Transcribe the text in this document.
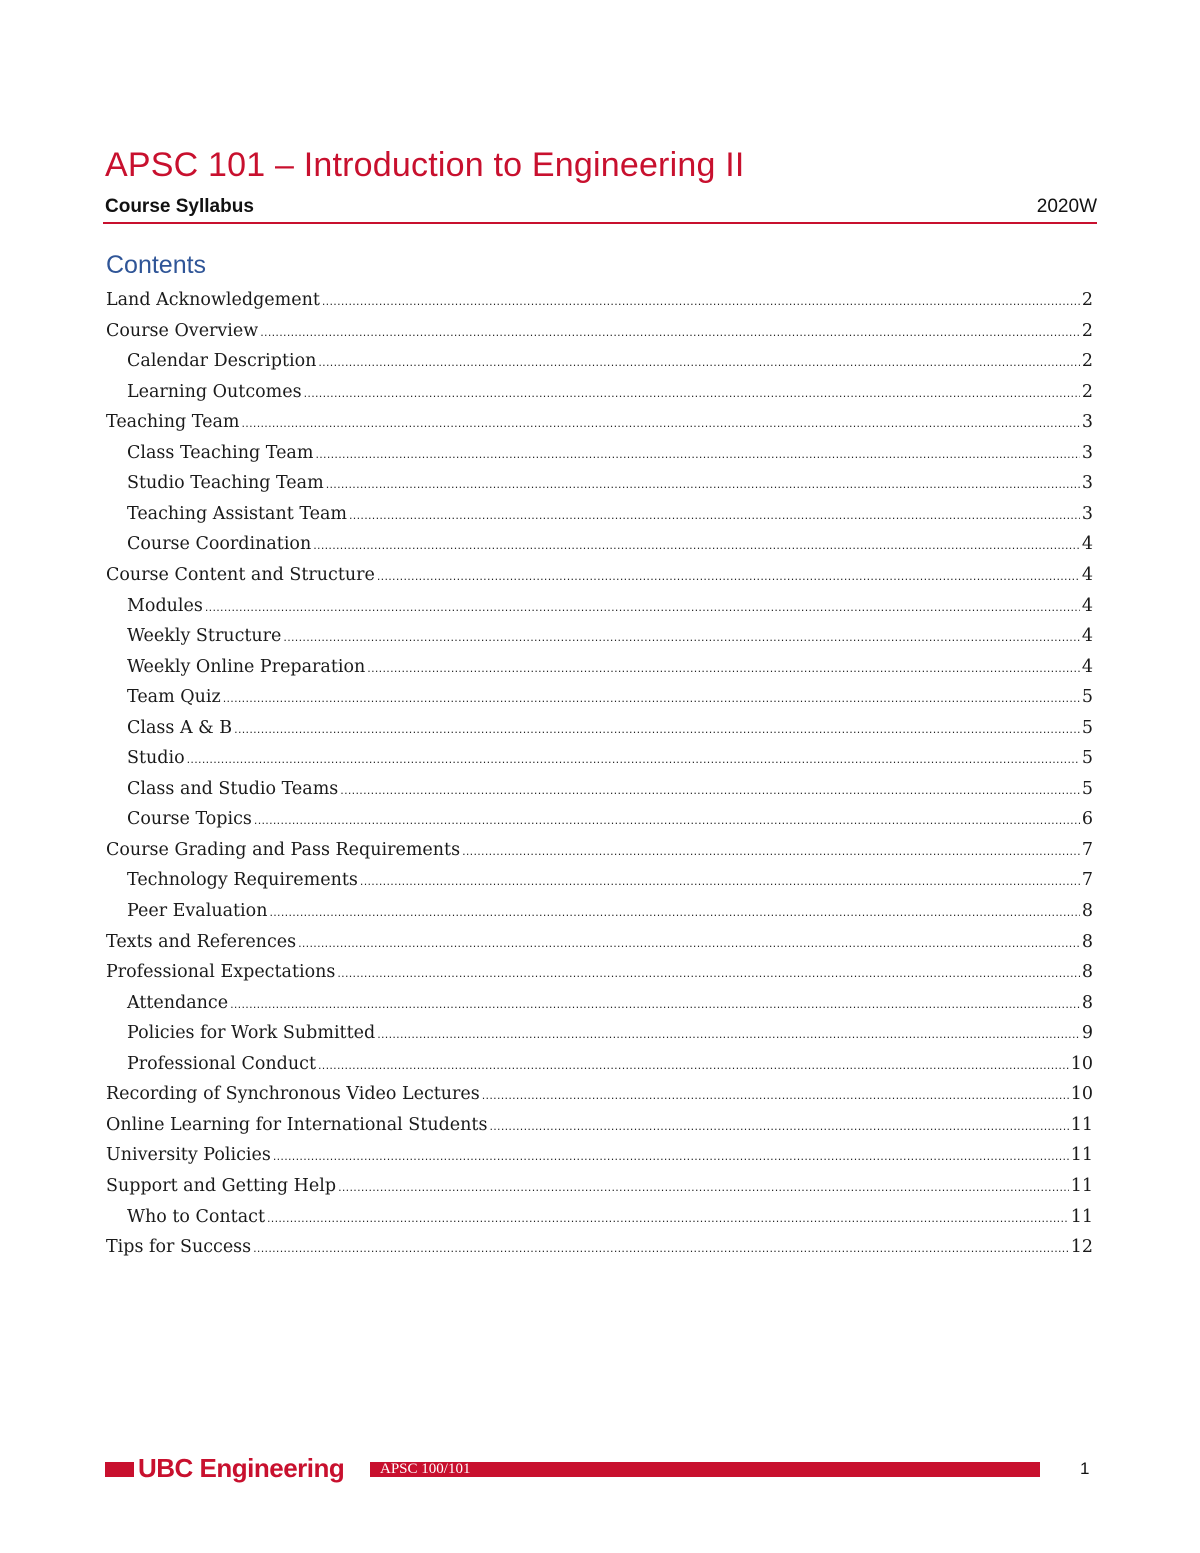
APSC 101 – Introduction to Engineering II
Course Syllabus	2020W
Contents
Land Acknowledgement .....	2
Course Overview .....	2
Calendar Description .....	2
Learning Outcomes .....	2
Teaching Team .....	3
Class Teaching Team .....	3
Studio Teaching Team .....	3
Teaching Assistant Team .....	3
Course Coordination .....	4
Course Content and Structure .....	4
Modules .....	4
Weekly Structure .....	4
Weekly Online Preparation .....	4
Team Quiz .....	5
Class A & B .....	5
Studio .....	5
Class and Studio Teams .....	5
Course Topics .....	6
Course Grading and Pass Requirements .....	7
Technology Requirements .....	7
Peer Evaluation .....	8
Texts and References .....	8
Professional Expectations .....	8
Attendance .....	8
Policies for Work Submitted .....	9
Professional Conduct .....	10
Recording of Synchronous Video Lectures .....	10
Online Learning for International Students .....	11
University Policies .....	11
Support and Getting Help .....	11
Who to Contact .....	11
Tips for Success .....	12
UBC Engineering APSC 100/101	1
